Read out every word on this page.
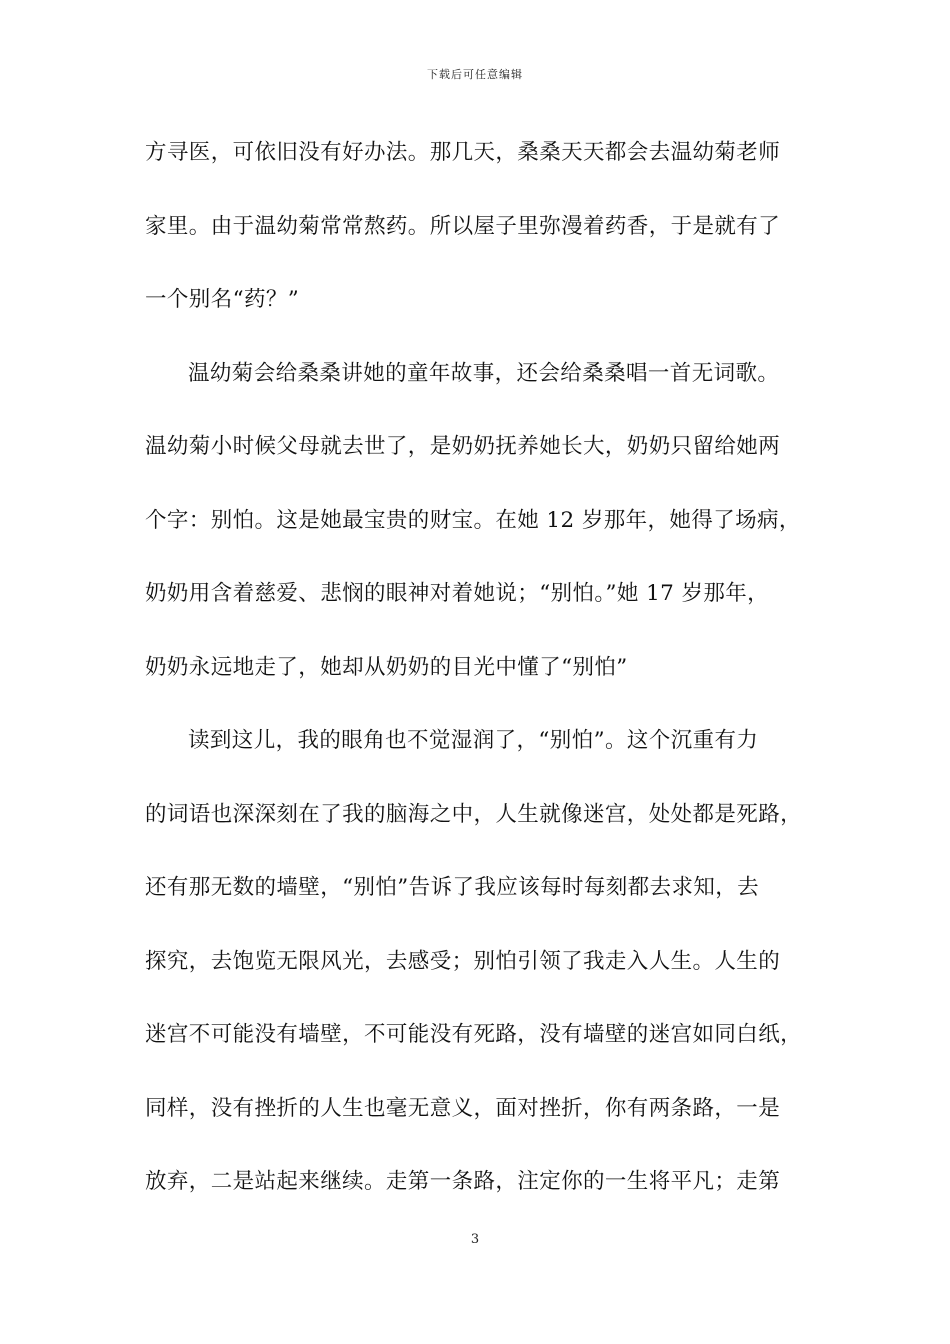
下载后可任意编辑
方寻医，可依旧没有好办法。那几天，桑桑天天都会去温幼菊老师
家里。由于温幼菊常常熬药。所以屋子里弥漫着药香，于是就有了
一个别名“药？”
温幼菊会给桑桑讲她的童年故事，还会给桑桑唱一首无词歌。
温幼菊小时候父母就去世了，是奶奶抚养她长大，奶奶只留给她两
个字：别怕。这是她最宝贵的财宝。在她 12 岁那年，她得了场病，
奶奶用含着慈爱、悲悯的眼神对着她说；“别怕。”她 17 岁那年，
奶奶永远地走了，她却从奶奶的目光中懂了“别怕”
读到这儿，我的眼角也不觉湿润了，“别怕”。这个沉重有力
的词语也深深刻在了我的脑海之中，人生就像迷宫，处处都是死路，
还有那无数的墙壁，“别怕”告诉了我应该每时每刻都去求知，去
探究，去饱览无限风光，去感受；别怕引领了我走入人生。人生的
迷宫不可能没有墙壁，不可能没有死路，没有墙壁的迷宫如同白纸，
同样，没有挫折的人生也毫无意义，面对挫折，你有两条路，一是
放弃，二是站起来继续。走第一条路，注定你的一生将平凡；走第
3
